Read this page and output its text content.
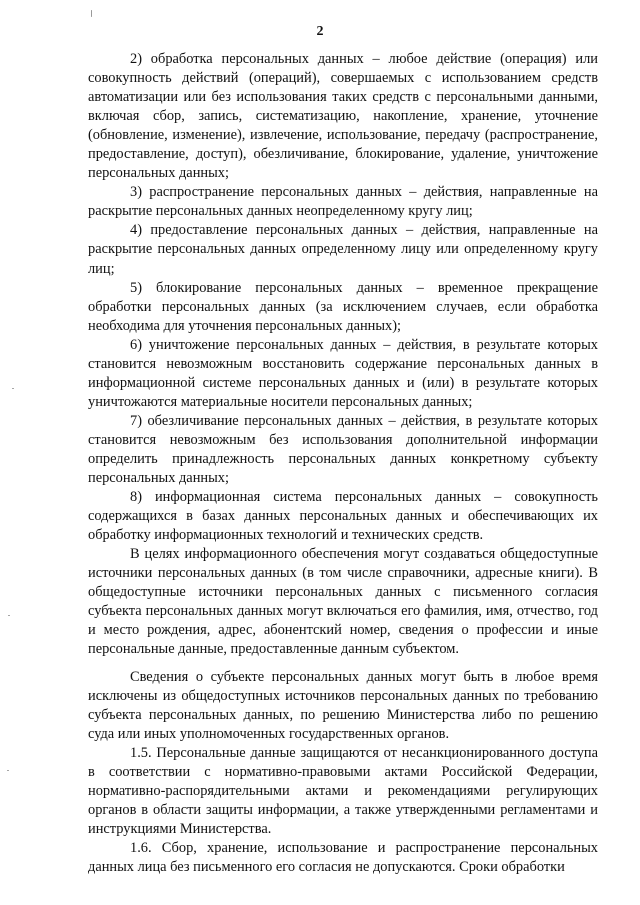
2

2) обработка персональных данных – любое действие (операция) или совокупность действий (операций), совершаемых с использованием средств автоматизации или без использования таких средств с персональными данными, включая сбор, запись, систематизацию, накопление, хранение, уточнение (обновление, изменение), извлечение, использование, передачу (распространение, предоставление, доступ), обезличивание, блокирование, удаление, уничтожение персональных данных;

3) распространение персональных данных – действия, направленные на раскрытие персональных данных неопределенному кругу лиц;

4) предоставление персональных данных – действия, направленные на раскрытие персональных данных определенному лицу или определенному кругу лиц;

5) блокирование персональных данных – временное прекращение обработки персональных данных (за исключением случаев, если обработка необходима для уточнения персональных данных);

6) уничтожение персональных данных – действия, в результате которых становится невозможным восстановить содержание персональных данных в информационной системе персональных данных и (или) в результате которых уничтожаются материальные носители персональных данных;

7) обезличивание персональных данных – действия, в результате которых становится невозможным без использования дополнительной информации определить принадлежность персональных данных конкретному субъекту персональных данных;

8) информационная система персональных данных – совокупность содержащихся в базах данных персональных данных и обеспечивающих их обработку информационных технологий и технических средств.

В целях информационного обеспечения могут создаваться общедоступные источники персональных данных (в том числе справочники, адресные книги). В общедоступные источники персональных данных с письменного согласия субъекта персональных данных могут включаться его фамилия, имя, отчество, год и место рождения, адрес, абонентский номер, сведения о профессии и иные персональные данные, предоставленные данным субъектом.

Сведения о субъекте персональных данных могут быть в любое время исключены из общедоступных источников персональных данных по требованию субъекта персональных данных, по решению Министерства либо по решению суда или иных уполномоченных государственных органов.

1.5. Персональные данные защищаются от несанкционированного доступа в соответствии с нормативно-правовыми актами Российской Федерации, нормативно-распорядительными актами и рекомендациями регулирующих органов в области защиты информации, а также утвержденными регламентами и инструкциями Министерства.

1.6. Сбор, хранение, использование и распространение персональных данных лица без письменного его согласия не допускаются. Сроки обработки
